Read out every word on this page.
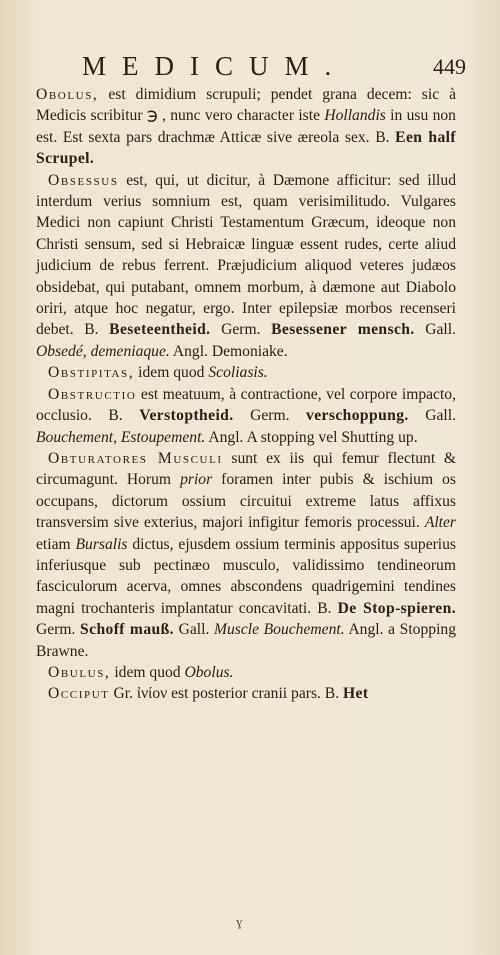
MEDICUM.	449

Obolus, est dimidium scrupuli; pendet grana decem: sic à Medicis scribitur ℈ , nunc vero character iste Hollandis in usu non est. Est sexta pars drachmæ Atticæ sive æreola sex. B. Een half Scrupel.

Obsessus est, qui, ut dicitur, à Dæmone afficitur: sed illud interdum verius somnium est, quam verisimilitudo. Vulgares Medici non capiunt Christi Testamentum Græcum, ideoque non Christi sensum, sed si Hebraicæ linguæ essent rudes, certe aliud judicium de rebus ferrent. Præjudicium aliquod veteres judæos obsidebat, qui putabant, omnem morbum, à dæmone aut Diabolo oriri, atque hoc negatur, ergo. Inter epilepsiæ morbos recenseri debet. B. Beseteentheid. Germ. Besessener mensch. Gall. Obsedé, demeniaque. Angl. Demoniake.

Obstipitas, idem quod Scoliasis.

Obstructio est meatuum, à contractione, vel corpore impacto, occlusio. B. Verstoptheid. Germ. verschoppung. Gall. Bouchement, Estoupement. Angl. A stopping vel Shutting up.

Obturatores Musculi sunt ex iis qui femur flectunt & circumagunt. Horum prior foramen inter pubis & ischium os occupans, dictorum ossium circuitui extreme latus affixus transversim sive exterius, majori infigitur femoris processui. Alter etiam Bursalis dictus, ejusdem ossium terminis appositus superius inferiusque sub pectinæo musculo, validissimo tendineorum fasciculorum acerva, omnes abscondens quadrigemini tendines magni trochanteris implantatur concavitati. B. De Stop-spieren. Germ. Schoff mauß. Gall. Muscle Bouchement. Angl. a Stopping Brawne.

Obulus, idem quod Obolus.

Occiput Gr. ἰνίον est posterior cranii pars. B. Het

ɣ
